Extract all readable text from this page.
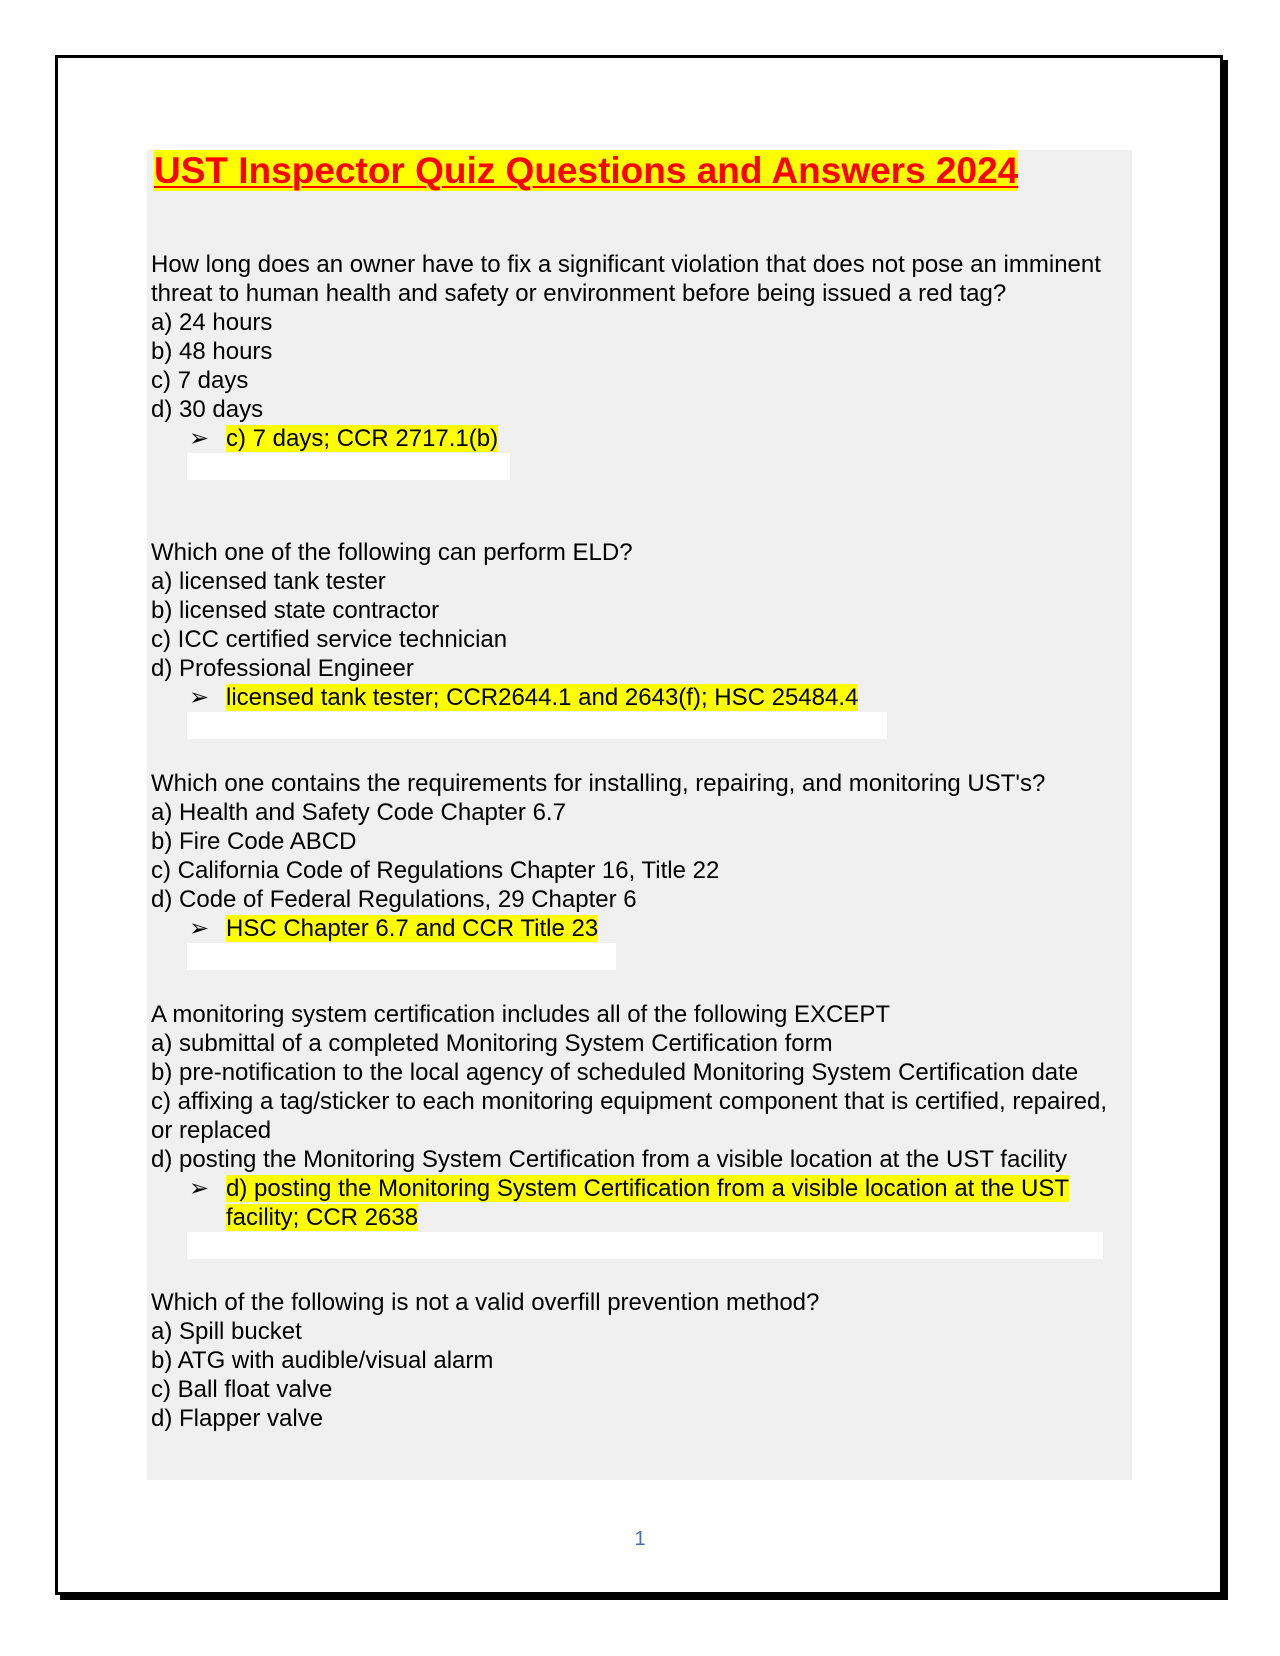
UST Inspector Quiz Questions and Answers 2024

How long does an owner have to fix a significant violation that does not pose an imminent threat to human health and safety or environment before being issued a red tag?

a) 24 hours

b) 48 hours

c) 7 days

d) 30 days

➢ c) 7 days; CCR 2717.1(b)

Which one of the following can perform ELD?

a) licensed tank tester

b) licensed state contractor

c) ICC certified service technician

d) Professional Engineer

➢ licensed tank tester; CCR2644.1 and 2643(f); HSC 25484.4

Which one contains the requirements for installing, repairing, and monitoring UST's?

a) Health and Safety Code Chapter 6.7

b) Fire Code ABCD

c) California Code of Regulations Chapter 16, Title 22

d) Code of Federal Regulations, 29 Chapter 6

➢ HSC Chapter 6.7 and CCR Title 23

A monitoring system certification includes all of the following EXCEPT

a) submittal of a completed Monitoring System Certification form

b) pre-notification to the local agency of scheduled Monitoring System Certification date

c) affixing a tag/sticker to each monitoring equipment component that is certified, repaired, or replaced

d) posting the Monitoring System Certification from a visible location at the UST facility

➢ d) posting the Monitoring System Certification from a visible location at the UST facility; CCR 2638

Which of the following is not a valid overfill prevention method?

a) Spill bucket

b) ATG with audible/visual alarm

c) Ball float valve

d) Flapper valve

1
